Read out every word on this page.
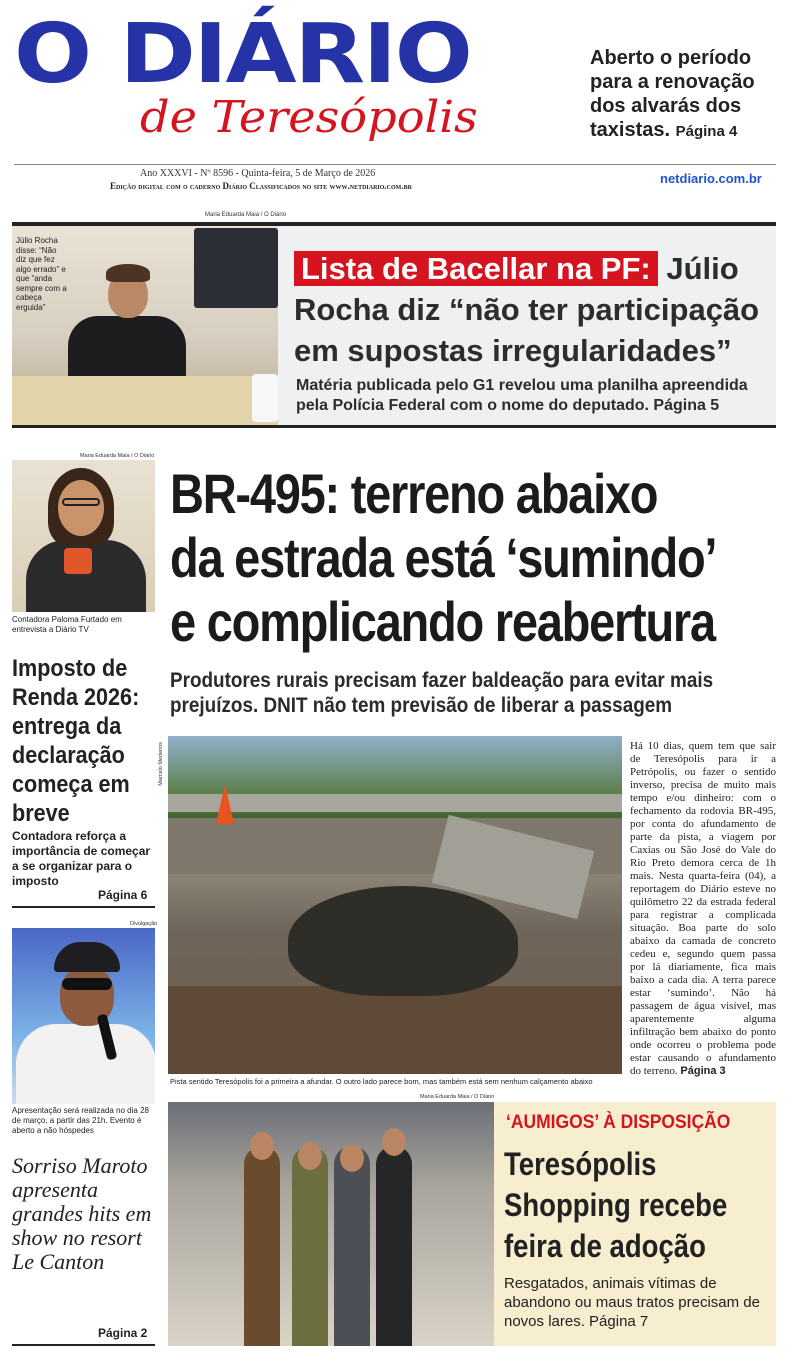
O DIÁRIO
de Teresópolis
Aberto o período para a renovação dos alvarás dos taxistas. Página 4
Ano XXXVI - Nº 8596 - Quinta-feira, 5 de Março de 2026
Edição digital com o caderno Diário Classificados no site www.netdiario.com.br	netdiario.com.br
Maria Eduarda Maia / O Diário
Júlio Rocha disse: “Não diz que fez algo errado” e que “anda sempre com a cabeça erguida”
Lista de Bacellar na PF: Júlio Rocha diz “não ter participação em supostas irregularidades”
Matéria publicada pelo G1 revelou uma planilha apreendida pela Polícia Federal com o nome do deputado. Página 5
Maria Eduarda Maia / O Diário
Contadora Paloma Furtado em entrevista a Diário TV
Imposto de Renda 2026: entrega da declaração começa em breve
Contadora reforça a importância de começar a se organizar para o imposto
Página 6
Divulgação
Apresentação será realizada no dia 28 de março, a partir das 21h. Evento é aberto a não hóspedes
Sorriso Maroto apresenta grandes hits em show no resort Le Canton
Página 2
BR-495: terreno abaixo
da estrada está ‘sumindo’
e complicando reabertura
Produtores rurais precisam fazer baldeação para evitar mais prejuízos. DNIT não tem previsão de liberar a passagem
Marcelo Medeiros
Pista sentido Teresópolis foi a primeira a afundar. O outro lado parece bom, mas também está sem nenhum calçamento abaixo
Há 10 dias, quem tem que sair de Teresópolis para ir a Petrópolis, ou fazer o sentido inverso, precisa de muito mais tempo e/ou dinheiro: com o fechamento da rodovia BR-495, por conta do afundamento de parte da pista, a viagem por Caxias ou São José do Vale do Rio Preto demora cerca de 1h mais. Nesta quarta-feira (04), a reportagem do Diário esteve no quilômetro 22 da estrada federal para registrar a complicada situação. Boa parte do solo abaixo da camada de concreto cedeu e, segundo quem passa por lá diariamente, fica mais baixo a cada dia. A terra parece estar ‘sumindo’. Não há passagem de água visível, mas aparentemente alguma infiltração bem abaixo do ponto onde ocorreu o problema pode estar causando o afundamento do terreno. Página 3
Maria Eduarda Maia / O Diário
‘AUMIGOS’ À DISPOSIÇÃO
Teresópolis Shopping recebe feira de adoção
Resgatados, animais vítimas de abandono ou maus tratos precisam de novos lares. Página 7
